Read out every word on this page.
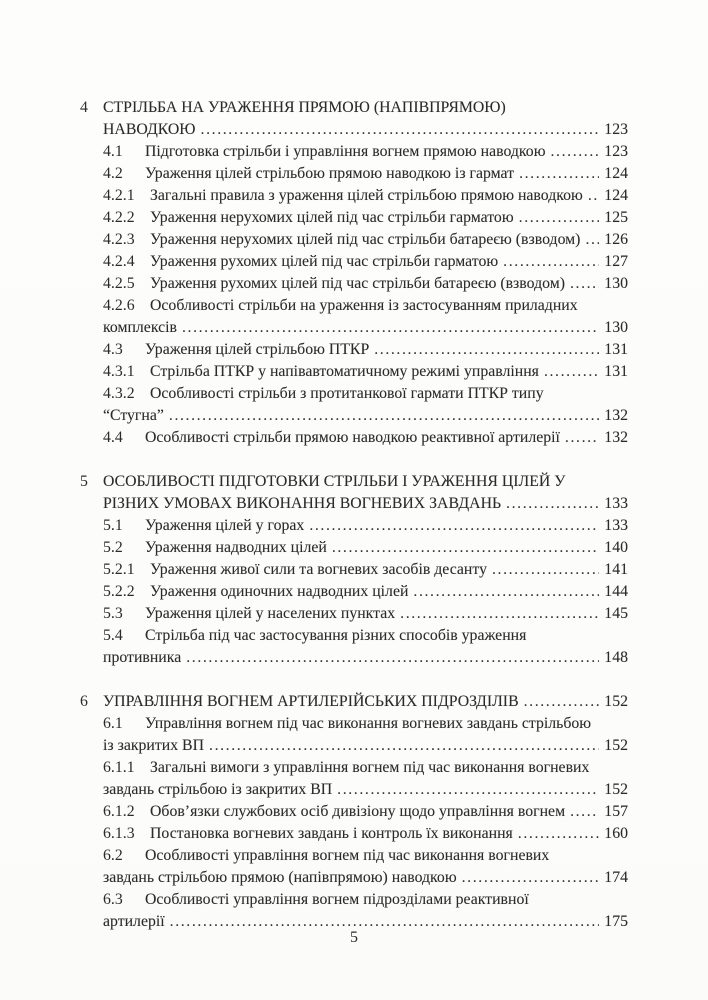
4 СТРІЛЬБА НА УРАЖЕННЯ ПРЯМОЮ (НАПІВПРЯМОЮ)
НАВОДКОЮ .....	123
4.1	Підготовка стрільби і управління вогнем прямою наводкою .....	123
4.2	Ураження цілей стрільбою прямою наводкою із гармат .....	124
4.2.1 Загальні правила з ураження цілей стрільбою прямою наводкою ..... 124
4.2.2 Ураження нерухомих цілей під час стрільби гарматою .....	125
4.2.3 Ураження нерухомих цілей під час стрільби батареєю (взводом) ..... 126
4.2.4 Ураження рухомих цілей під час стрільби гарматою .....	127
4.2.5 Ураження рухомих цілей під час стрільби батареєю (взводом) ..... 130
4.2.6 Особливості стрільби на ураження із застосуванням приладних
комплексів .....	130
4.3	Ураження цілей стрільбою ПТКР .....	131
4.3.1 Стрільба ПТКР у напівавтоматичному режимі управління .....	131
4.3.2 Особливості стрільби з протитанкової гармати ПТКР типу
“Стугна” .....	132
4.4	Особливості стрільби прямою наводкою реактивної артилерії .....	132
5 ОСОБЛИВОСТІ ПІДГОТОВКИ СТРІЛЬБИ І УРАЖЕННЯ ЦІЛЕЙ У
РІЗНИХ УМОВАХ ВИКОНАННЯ ВОГНЕВИХ ЗАВДАНЬ .....	133
5.1	Ураження цілей у горах .....	133
5.2	Ураження надводних цілей .....	140
5.2.1 Ураження живої сили та вогневих засобів десанту .....	141
5.2.2 Ураження одиночних надводних цілей .....	144
5.3	Ураження цілей у населених пунктах .....	145
5.4	Стрільба під час застосування різних способів ураження
противника .....	148
6 УПРАВЛІННЯ ВОГНЕМ АРТИЛЕРІЙСЬКИХ ПІДРОЗДІЛІВ .....	152
6.1	Управління вогнем під час виконання вогневих завдань стрільбою
із закритих ВП .....	152
6.1.1 Загальні вимоги з управління вогнем під час виконання вогневих
завдань стрільбою із закритих ВП .....	152
6.1.2 Обов’язки службових осіб дивізіону щодо управління вогнем ..... 157
6.1.3 Постановка вогневих завдань і контроль їх виконання .....	160
6.2	Особливості управління вогнем під час виконання вогневих
завдань стрільбою прямою (напівпрямою) наводкою .....	174
6.3	Особливості управління вогнем підрозділами реактивної
артилерії .....	175
5
